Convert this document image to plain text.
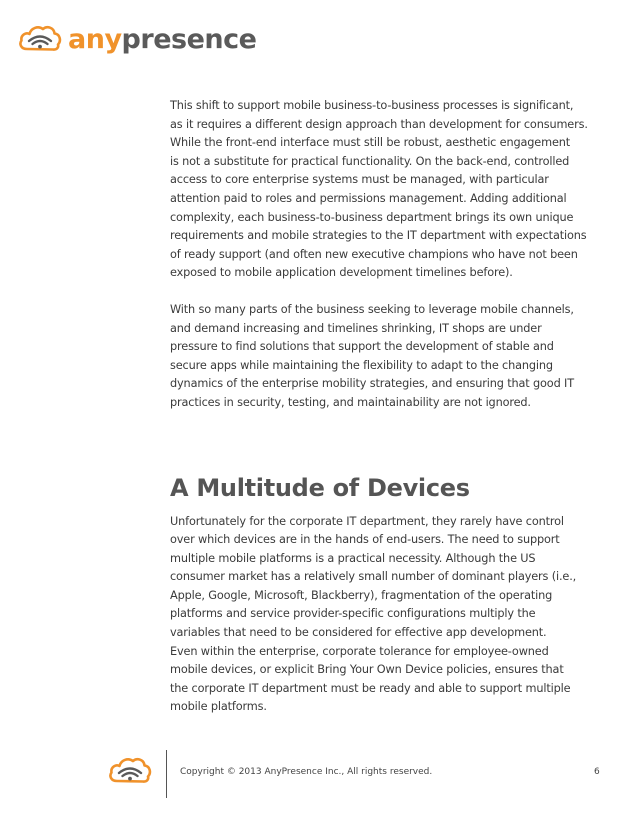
anypresence

This shift to support mobile business-to-business processes is significant,
as it requires a different design approach than development for consumers.
While the front-end interface must still be robust, aesthetic engagement
is not a substitute for practical functionality. On the back-end, controlled
access to core enterprise systems must be managed, with particular
attention paid to roles and permissions management. Adding additional
complexity, each business-to-business department brings its own unique
requirements and mobile strategies to the IT department with expectations
of ready support (and often new executive champions who have not been
exposed to mobile application development timelines before).

With so many parts of the business seeking to leverage mobile channels,
and demand increasing and timelines shrinking, IT shops are under
pressure to find solutions that support the development of stable and
secure apps while maintaining the flexibility to adapt to the changing
dynamics of the enterprise mobility strategies, and ensuring that good IT
practices in security, testing, and maintainability are not ignored.

A Multitude of Devices

Unfortunately for the corporate IT department, they rarely have control
over which devices are in the hands of end-users. The need to support
multiple mobile platforms is a practical necessity. Although the US
consumer market has a relatively small number of dominant players (i.e.,
Apple, Google, Microsoft, Blackberry), fragmentation of the operating
platforms and service provider-specific configurations multiply the
variables that need to be considered for effective app development.
Even within the enterprise, corporate tolerance for employee-owned
mobile devices, or explicit Bring Your Own Device policies, ensures that
the corporate IT department must be ready and able to support multiple
mobile platforms.

Copyright © 2013 AnyPresence Inc., All rights reserved.	6
